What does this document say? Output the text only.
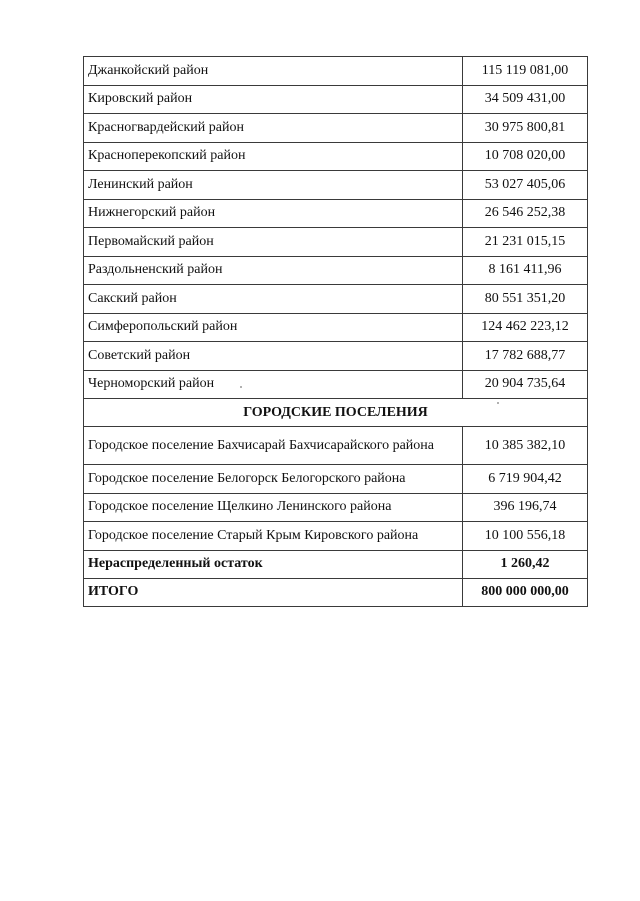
Джанкойский район	115 119 081,00
Кировский район	34 509 431,00
Красногвардейский район	30 975 800,81
Красноперекопский район	10 708 020,00
Ленинский район	53 027 405,06
Нижнегорский район	26 546 252,38
Первомайский район	21 231 015,15
Раздольненский район	8 161 411,96
Сакский район	80 551 351,20
Симферопольский район	124 462 223,12
Советский район	17 782 688,77
Черноморский район	20 904 735,64
ГОРОДСКИЕ ПОСЕЛЕНИЯ	
Городское поселение Бахчисарай Бахчисарайского района	10 385 382,10
Городское поселение Белогорск Белогорского района	6 719 904,42
Городское поселение Щелкино Ленинского района	396 196,74
Городское поселение Старый Крым Кировского района	10 100 556,18
Нераспределенный остаток	1 260,42
ИТОГО	800 000 000,00
